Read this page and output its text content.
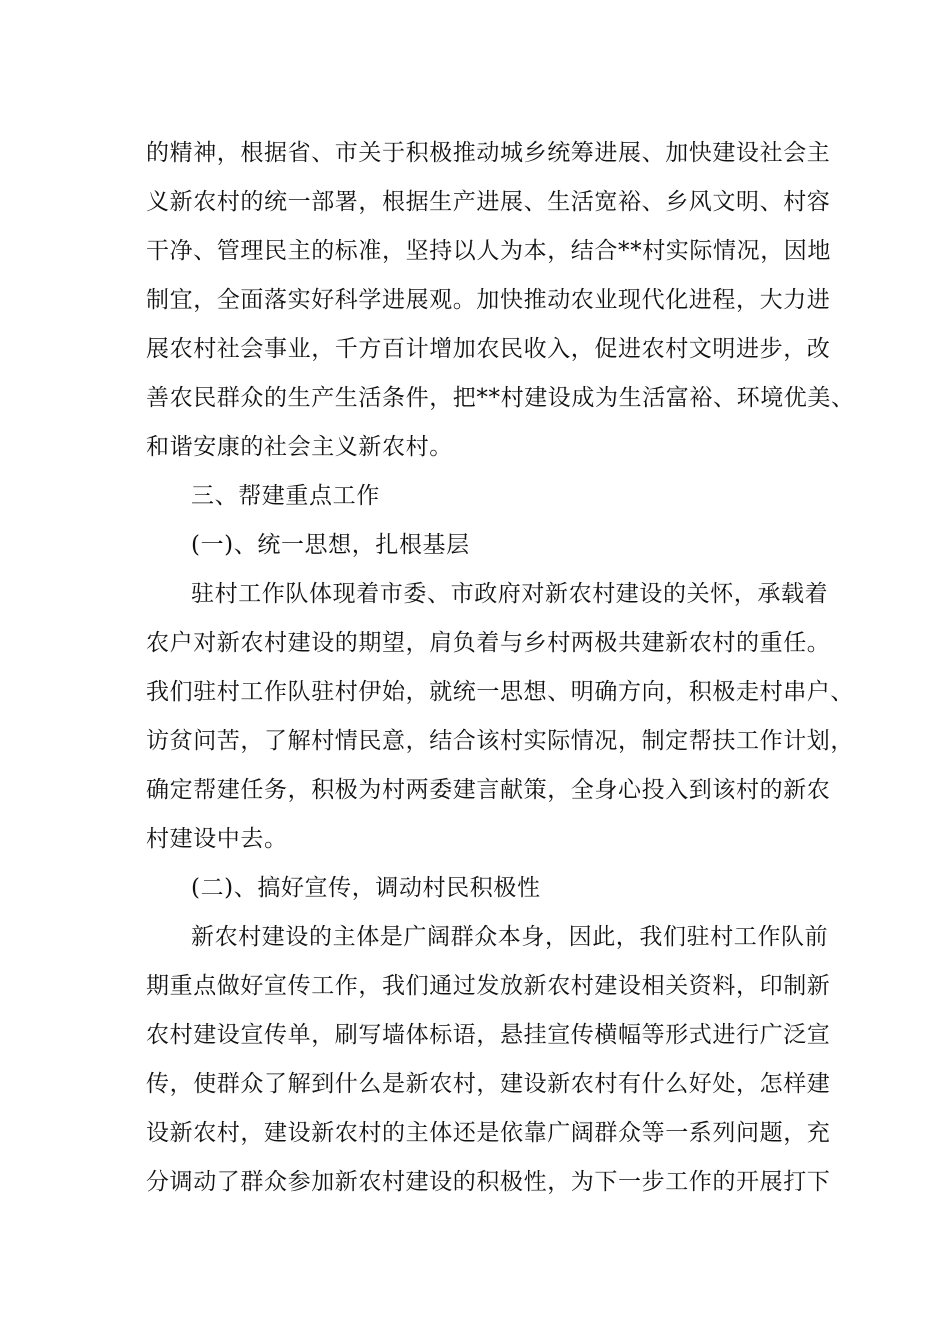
的精神，根据省、市关于积极推动城乡统筹进展、加快建设社会主
义新农村的统一部署，根据生产进展、生活宽裕、乡风文明、村容
干净、管理民主的标准，坚持以人为本，结合**村实际情况，因地
制宜，全面落实好科学进展观。加快推动农业现代化进程，大力进
展农村社会事业，千方百计增加农民收入，促进农村文明进步，改
善农民群众的生产生活条件，把**村建设成为生活富裕、环境优美、
和谐安康的社会主义新农村。
三、帮建重点工作
(一)、统一思想，扎根基层
驻村工作队体现着市委、市政府对新农村建设的关怀，承载着
农户对新农村建设的期望，肩负着与乡村两极共建新农村的重任。
我们驻村工作队驻村伊始，就统一思想、明确方向，积极走村串户、
访贫问苦，了解村情民意，结合该村实际情况，制定帮扶工作计划，
确定帮建任务，积极为村两委建言献策，全身心投入到该村的新农
村建设中去。
(二)、搞好宣传，调动村民积极性
新农村建设的主体是广阔群众本身，因此，我们驻村工作队前
期重点做好宣传工作，我们通过发放新农村建设相关资料，印制新
农村建设宣传单，刷写墙体标语，悬挂宣传横幅等形式进行广泛宣
传，使群众了解到什么是新农村，建设新农村有什么好处，怎样建
设新农村，建设新农村的主体还是依靠广阔群众等一系列问题，充
分调动了群众参加新农村建设的积极性，为下一步工作的开展打下
